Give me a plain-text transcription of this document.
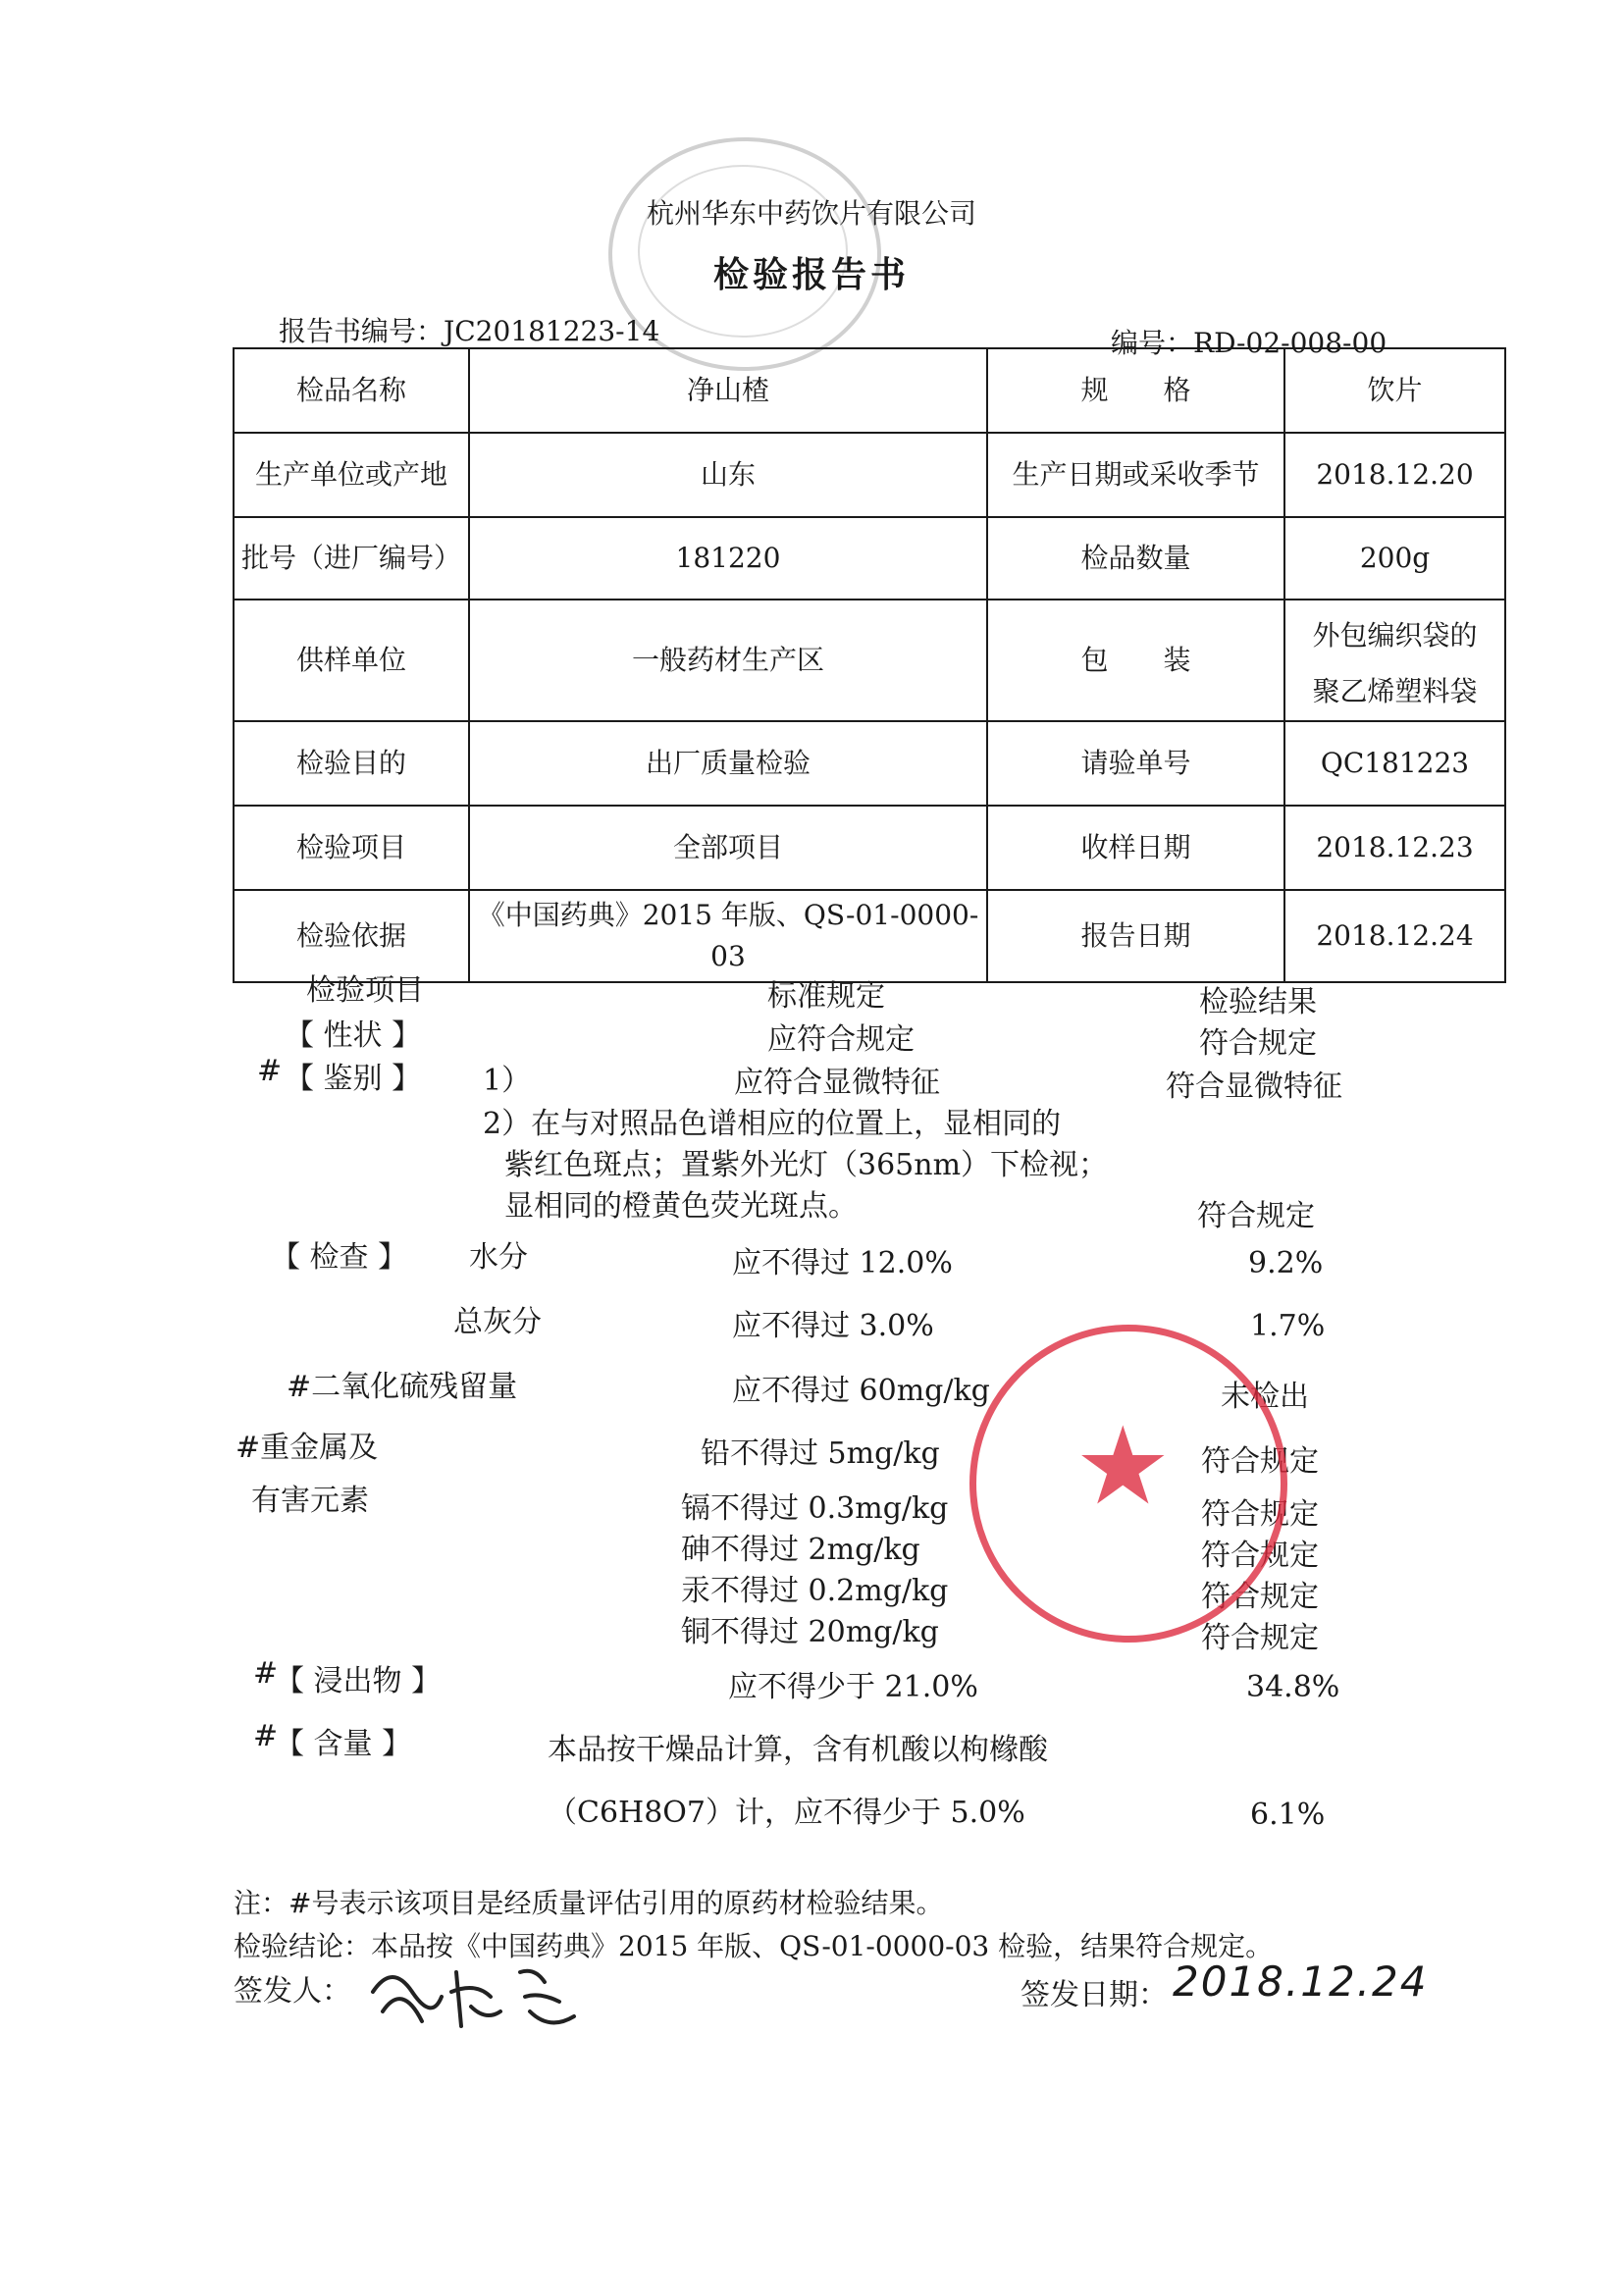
杭州华东中药饮片有限公司
检验报告书
报告书编号：JC20181223-14	编号：RD-02-008-00
检品名称	净山楂	规　　格	饮片
生产单位或产地	山东	生产日期或采收季节	2018.12.20
批号（进厂编号）	181220	检品数量	200g
供样单位	一般药材生产区	包　　装	外包编织袋的
聚乙烯塑料袋

检验目的	出厂质量检验	请验单号	QC181223
检验项目	全部项目	收样日期	2018.12.23
检验依据	《中国药典》2015 年版、QS-01-0000-03	报告日期	2018.12.24
检验项目	标准规定	检验结果
【 性状 】	应符合规定	符合规定
# 【 鉴别 】 1）	应符合显微特征	符合显微特征
2）在与对照品色谱相应的位置上，显相同的
紫红色斑点；置紫外光灯（365nm）下检视；
显相同的橙黄色荧光斑点。	符合规定
【 检查 】 水分	应不得过 12.0%	9.2%
总灰分	应不得过 3.0%	1.7%
#二氧化硫残留量	应不得过 60mg/kg	未检出
#重金属及
有害元素
铅不得过 5mg/kg	符合规定
镉不得过 0.3mg/kg	符合规定
砷不得过 2mg/kg	符合规定
汞不得过 0.2mg/kg	符合规定
铜不得过 20mg/kg	符合规定
#
【 浸出物 】	应不得少于 21.0%	34.8%
#
【 含量 】	本品按干燥品计算，含有机酸以枸橼酸
（C6H8O7）计，应不得少于 5.0%	6.1%
注：#号表示该项目是经质量评估引用的原药材检验结果。
检验结论：本品按《中国药典》2015 年版、QS-01-0000-03 检验，结果符合规定。
签发人：	签发日期： 2018.12.24
★
